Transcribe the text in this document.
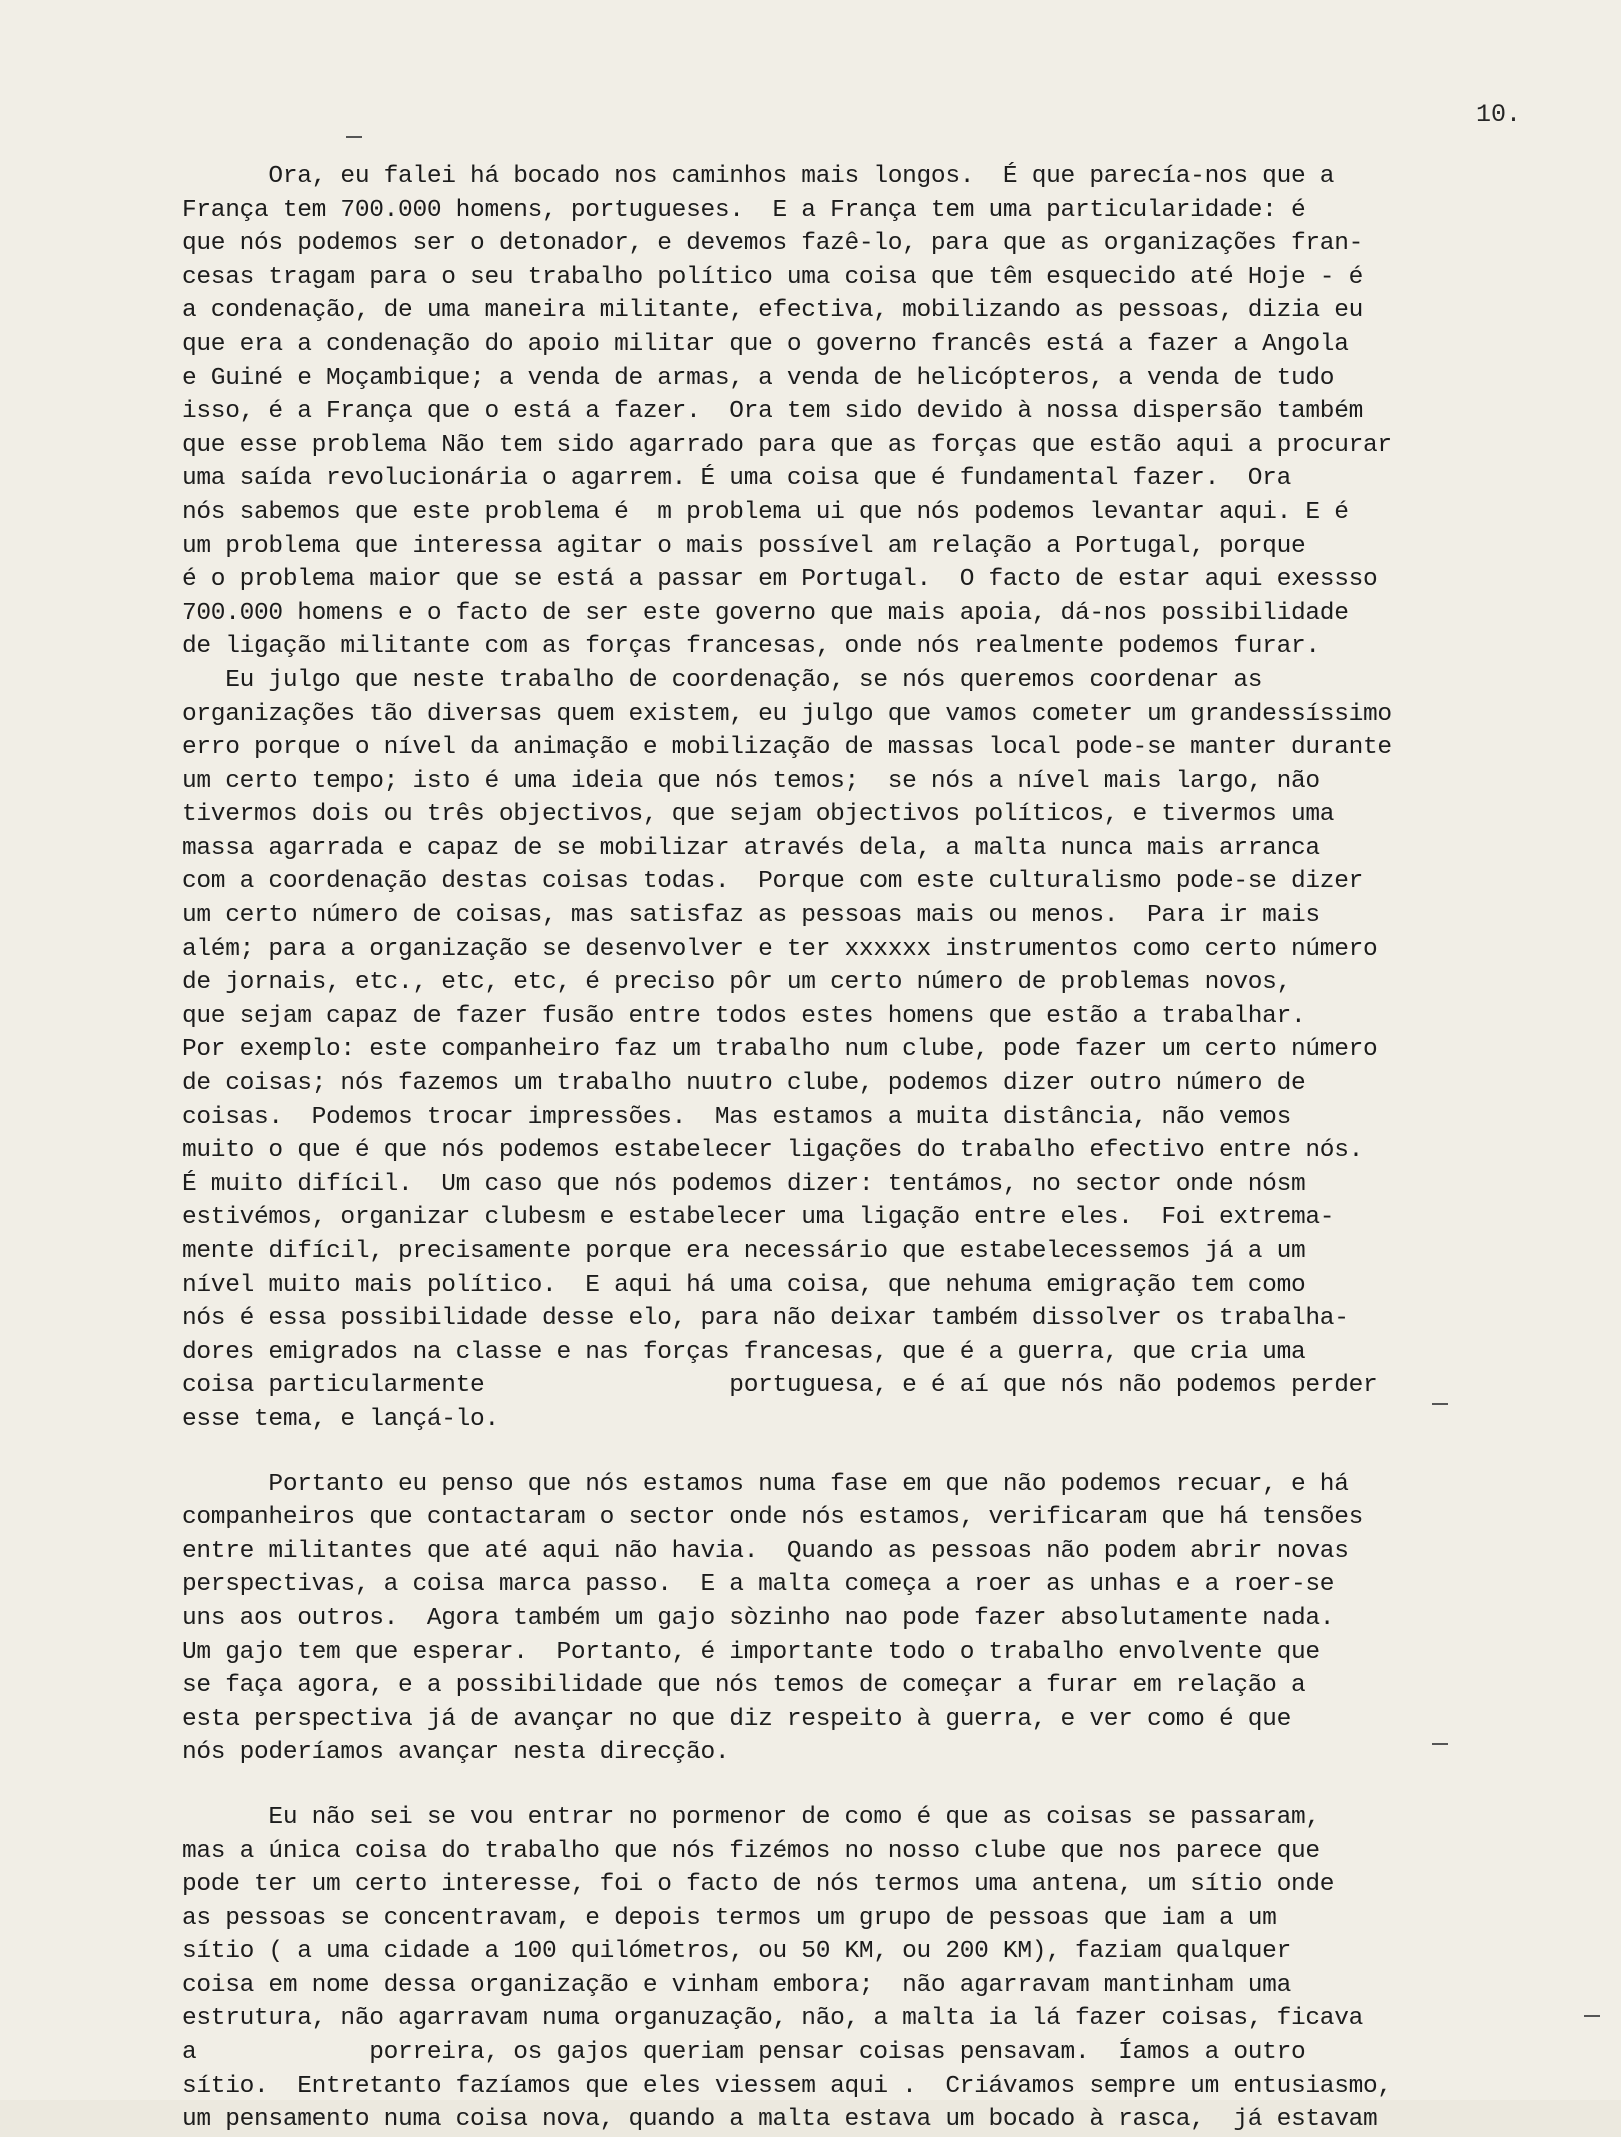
10.
Ora, eu falei há bocado nos caminhos mais longos.  É que parecía-nos que a
França tem 700.000 homens, portugueses.  E a França tem uma particularidade: é
que nós podemos ser o detonador, e devemos fazê-lo, para que as organizações fran-
cesas tragam para o seu trabalho político uma coisa que têm esquecido até Hoje - é
a condenação, de uma maneira militante, efectiva, mobilizando as pessoas, dizia eu
que era a condenação do apoio militar que o governo francês está a fazer a Angola
e Guiné e Moçambique; a venda de armas, a venda de helicópteros, a venda de tudo
isso, é a França que o está a fazer.  Ora tem sido devido à nossa dispersão também
que esse problema Não tem sido agarrado para que as forças que estão aqui a procurar
uma saída revolucionária o agarrem. É uma coisa que é fundamental fazer.  Ora
nós sabemos que este problema é  m problema ui que nós podemos levantar aqui. E é
um problema que interessa agitar o mais possível am relação a Portugal, porque
é o problema maior que se está a passar em Portugal.  O facto de estar aqui exessso
700.000 homens e o facto de ser este governo que mais apoia, dá-nos possibilidade
de ligação militante com as forças francesas, onde nós realmente podemos furar.
Eu julgo que neste trabalho de coordenação, se nós queremos coordenar as
organizações tão diversas quem existem, eu julgo que vamos cometer um grandessíssimo
erro porque o nível da animação e mobilização de massas local pode-se manter durante
um certo tempo; isto é uma ideia que nós temos;  se nós a nível mais largo, não
tivermos dois ou três objectivos, que sejam objectivos políticos, e tivermos uma
massa agarrada e capaz de se mobilizar através dela, a malta nunca mais arranca
com a coordenação destas coisas todas.  Porque com este culturalismo pode-se dizer
um certo número de coisas, mas satisfaz as pessoas mais ou menos.  Para ir mais
além; para a organização se desenvolver e ter xxxxxx instrumentos como certo número
de jornais, etc., etc, etc, é preciso pôr um certo número de problemas novos,
que sejam capaz de fazer fusão entre todos estes homens que estão a trabalhar.
Por exemplo: este companheiro faz um trabalho num clube, pode fazer um certo número
de coisas; nós fazemos um trabalho nuutro clube, podemos dizer outro número de
coisas.  Podemos trocar impressões.  Mas estamos a muita distância, não vemos
muito o que é que nós podemos estabelecer ligações do trabalho efectivo entre nós.
É muito difícil.  Um caso que nós podemos dizer: tentámos, no sector onde nósm
estivémos, organizar clubesm e estabelecer uma ligação entre eles.  Foi extrema-
mente difícil, precisamente porque era necessário que estabelecessemos já a um
nível muito mais político.  E aqui há uma coisa, que nehuma emigração tem como
nós é essa possibilidade desse elo, para não deixar também dissolver os trabalha-
dores emigrados na classe e nas forças francesas, que é a guerra, que cria uma
coisa particularmente                 portuguesa, e é aí que nós não podemos perder
esse tema, e lançá-lo.
Portanto eu penso que nós estamos numa fase em que não podemos recuar, e há
companheiros que contactaram o sector onde nós estamos, verificaram que há tensões
entre militantes que até aqui não havia.  Quando as pessoas não podem abrir novas
perspectivas, a coisa marca passo.  E a malta começa a roer as unhas e a roer-se
uns aos outros.  Agora também um gajo sòzinho nao pode fazer absolutamente nada.
Um gajo tem que esperar.  Portanto, é importante todo o trabalho envolvente que
se faça agora, e a possibilidade que nós temos de começar a furar em relação a
esta perspectiva já de avançar no que diz respeito à guerra, e ver como é que
nós poderíamos avançar nesta direcção.
Eu não sei se vou entrar no pormenor de como é que as coisas se passaram,
mas a única coisa do trabalho que nós fizémos no nosso clube que nos parece que
pode ter um certo interesse, foi o facto de nós termos uma antena, um sítio onde
as pessoas se concentravam, e depois termos um grupo de pessoas que iam a um
sítio ( a uma cidade a 100 quilómetros, ou 50 KM, ou 200 KM), faziam qualquer
coisa em nome dessa organização e vinham embora;  não agarravam mantinham uma
estrutura, não agarravam numa organuzação, não, a malta ia lá fazer coisas, ficava
a            porreira, os gajos queriam pensar coisas pensavam.  Íamos a outro
sítio.  Entretanto fazíamos que eles viessem aqui .  Criávamos sempre um entusiasmo,
um pensamento numa coisa nova, quando a malta estava um bocado à rasca,  já estavam
